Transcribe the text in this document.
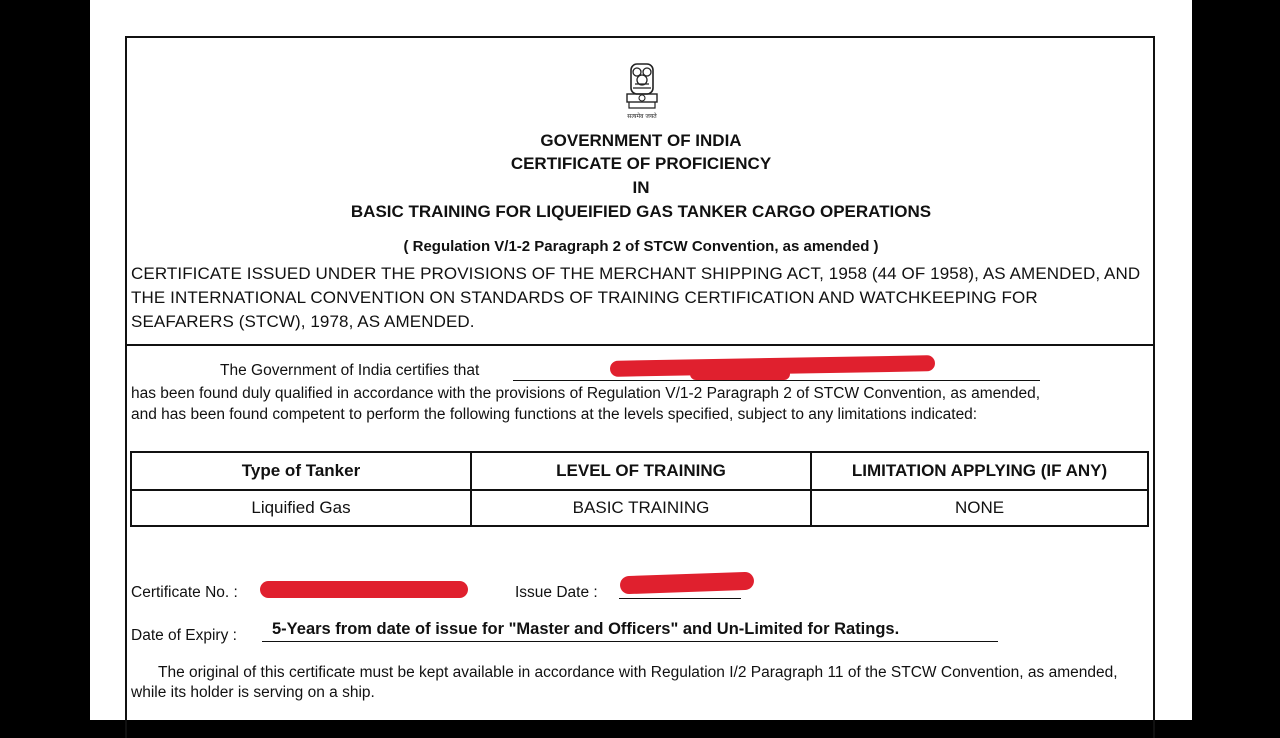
सत्यमेव जयते
GOVERNMENT OF INDIA
CERTIFICATE OF PROFICIENCY
IN
BASIC TRAINING FOR LIQUEIFIED GAS TANKER CARGO OPERATIONS
( Regulation V/1-2 Paragraph 2 of STCW Convention, as amended )
CERTIFICATE ISSUED UNDER THE PROVISIONS OF THE MERCHANT SHIPPING ACT, 1958 (44 OF 1958), AS AMENDED, AND THE INTERNATIONAL CONVENTION ON STANDARDS OF TRAINING CERTIFICATION AND WATCHKEEPING FOR SEAFARERS (STCW), 1978, AS AMENDED.
The Government of India certifies that
has been found duly qualified in accordance with the provisions of Regulation V/1-2 Paragraph 2 of STCW Convention, as amended,
and has been found competent to perform the following functions at the levels specified, subject to any limitations indicated:
Type of Tanker	LEVEL OF TRAINING	LIMITATION APPLYING (IF ANY)
Liquified Gas	BASIC TRAINING	NONE
Certificate No. :	Issue Date :
Date of Expiry : 5-Years from date of issue for "Master and Officers" and Un-Limited for Ratings.
The original of this certificate must be kept available in accordance with Regulation I/2 Paragraph 11 of the STCW Convention, as amended, while its holder is serving on a ship.
